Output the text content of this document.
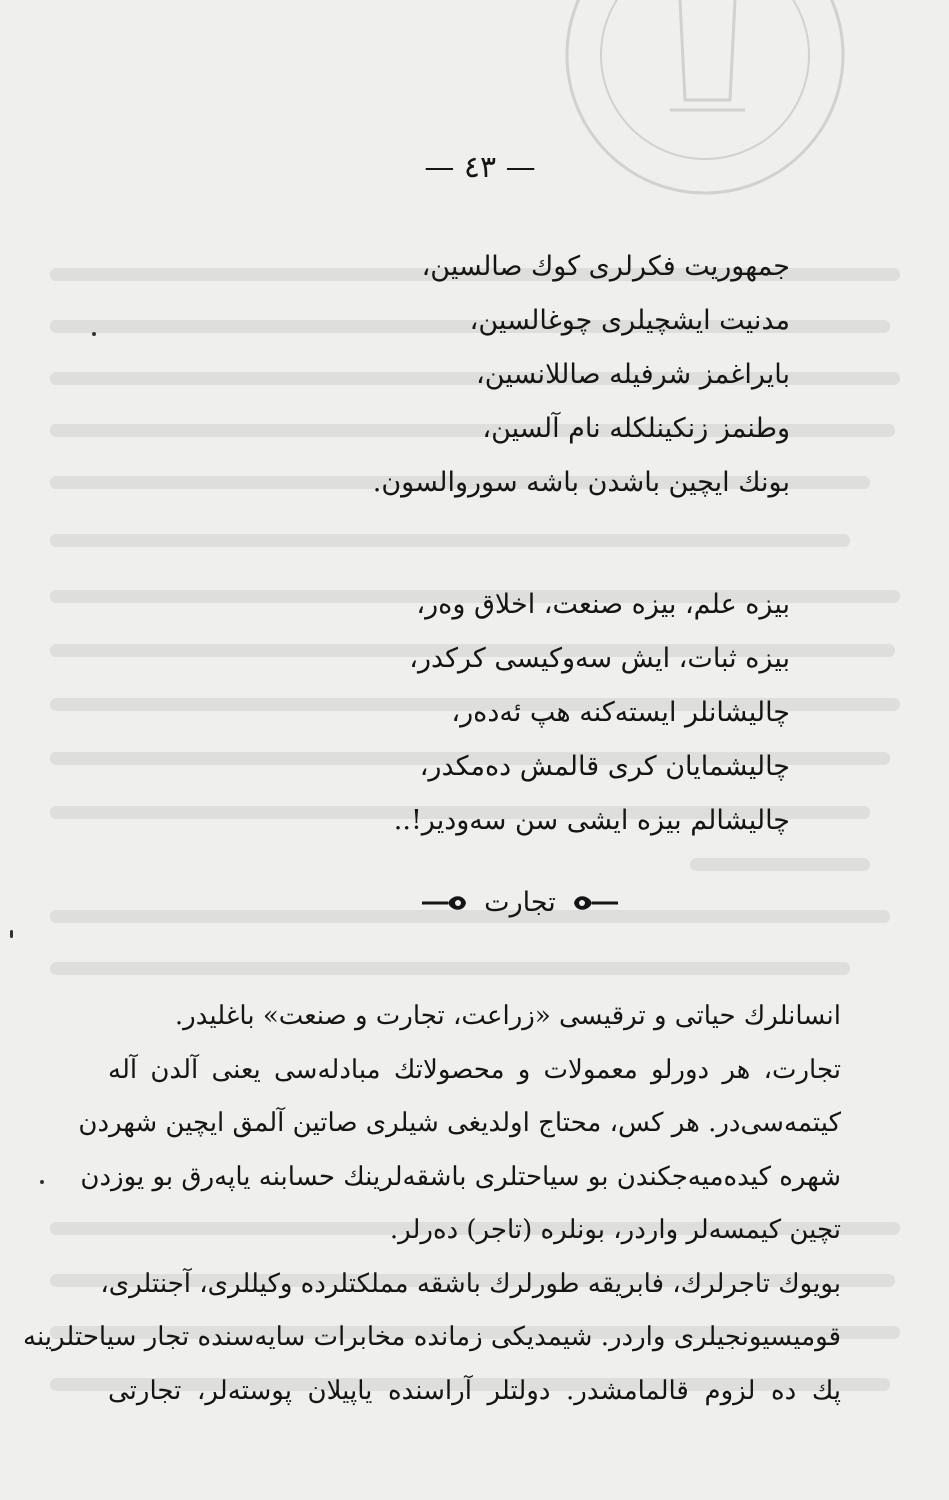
— ٤٣ —
جمهوریت فکرلری کوك صالسین،
مدنیت ایشچیلری چوغالسین،
بایراغمز شرفیله صاللانسین،
وطنمز زنکینلکله نام آلسین،
بونك ایچین باشدن باشه سوروالسون.
بیزه علم، بیزه صنعت، اخلاق وه‌ر،
بیزه ثبات، ایش سه‌وکیسی کرکدر،
چالیشانلر ایسته‌کنه هپ ئه‌ده‌ر،
چالیشمایان کری قالمش ده‌مکدر،
چالیشالم بیزه ایشی سن سه‌ودیر!..
تجارت
انسانلرك حیاتی و ترقیسی «زراعت، تجارت و صنعت» باغلیدر.
تجارت، هر دورلو معمولات و محصولاتك مبادله‌سی یعنی آلدن آله
کیتمه‌سی‌در. هر کس، محتاج اولدیغی شیلری صاتین آلمق ایچین شهردن
شهره کیده‌میه‌جکندن بو سیاحتلری باشقه‌لرینك حسابنه یاپه‌رق بو یوزدن
تچین کیمسه‌لر واردر، بونلره (تاجر) ده‌رلر.
بویوك تاجرلرك، فابریقه طورلرك باشقه مملکتلرده وکیللری، آجنتلری،
قومیسیونجیلری واردر. شیمدیکی زمانده مخابرات سایه‌سنده تجار سیاحتلرینه
پك ده لزوم قالمامشدر. دولتلر آراسنده یاپیلان پوسته‌لر، تجارتی
